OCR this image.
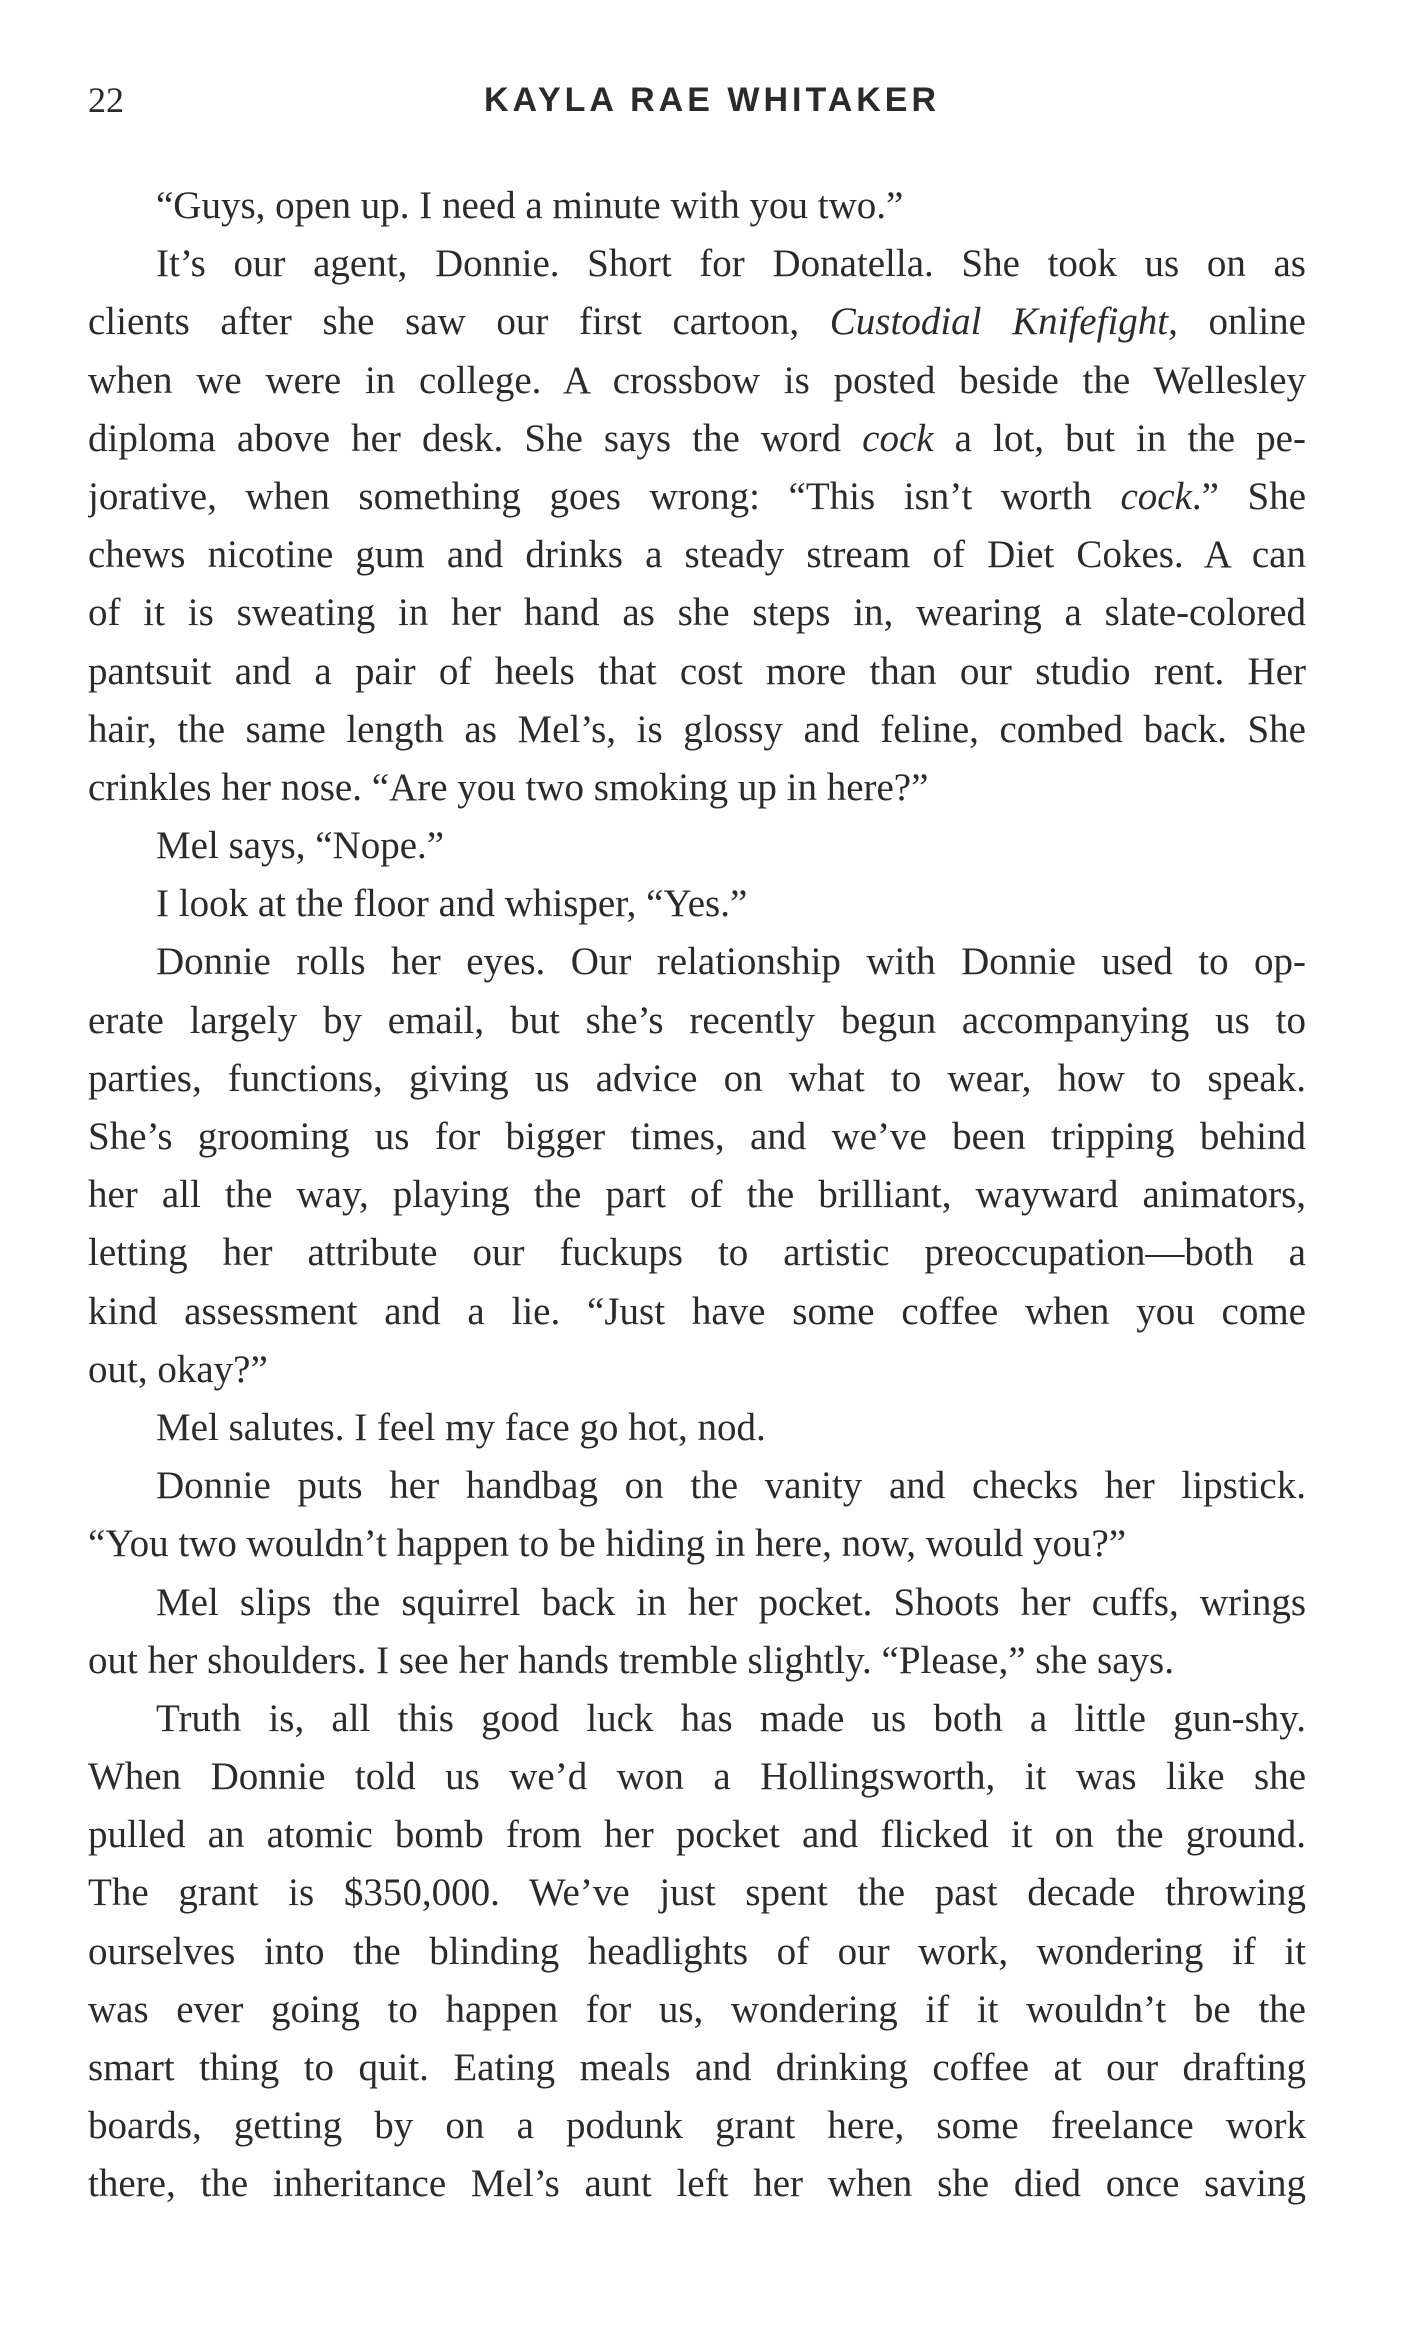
22	KAYLA RAE WHITAKER
“Guys, open up. I need a minute with you two.”
It’s our agent, Donnie. Short for Donatella. She took us on as
clients after she saw our first cartoon, Custodial Knifefight, online
when we were in college. A crossbow is posted beside the Wellesley
diploma above her desk. She says the word cock a lot, but in the pe-
jorative, when something goes wrong: “This isn’t worth cock.” She
chews nicotine gum and drinks a steady stream of Diet Cokes. A can
of it is sweating in her hand as she steps in, wearing a slate-colored
pantsuit and a pair of heels that cost more than our studio rent. Her
hair, the same length as Mel’s, is glossy and feline, combed back. She
crinkles her nose. “Are you two smoking up in here?”
Mel says, “Nope.”
I look at the floor and whisper, “Yes.”
Donnie rolls her eyes. Our relationship with Donnie used to op-
erate largely by email, but she’s recently begun accompanying us to
parties, functions, giving us advice on what to wear, how to speak.
She’s grooming us for bigger times, and we’ve been tripping behind
her all the way, playing the part of the brilliant, wayward animators,
letting her attribute our fuckups to artistic preoccupation—both a
kind assessment and a lie. “Just have some coffee when you come
out, okay?”
Mel salutes. I feel my face go hot, nod.
Donnie puts her handbag on the vanity and checks her lipstick.
“You two wouldn’t happen to be hiding in here, now, would you?”
Mel slips the squirrel back in her pocket. Shoots her cuffs, wrings
out her shoulders. I see her hands tremble slightly. “Please,” she says.
Truth is, all this good luck has made us both a little gun-shy.
When Donnie told us we’d won a Hollingsworth, it was like she
pulled an atomic bomb from her pocket and flicked it on the ground.
The grant is $350,000. We’ve just spent the past decade throwing
ourselves into the blinding headlights of our work, wondering if it
was ever going to happen for us, wondering if it wouldn’t be the
smart thing to quit. Eating meals and drinking coffee at our drafting
boards, getting by on a podunk grant here, some freelance work
there, the inheritance Mel’s aunt left her when she died once saving
